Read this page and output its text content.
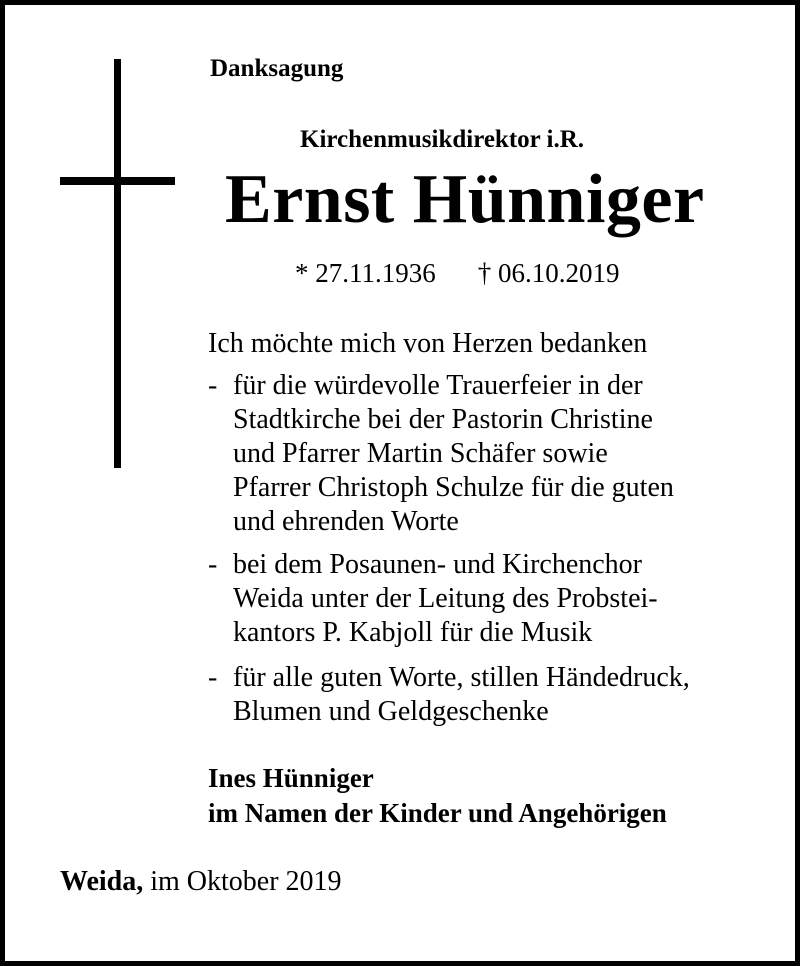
Danksagung
Kirchenmusikdirektor i.R.
Ernst Hünniger
* 27.11.1936 † 06.10.2019
Ich möchte mich von Herzen bedanken
- für die würdevolle Trauerfeier in der
Stadtkirche bei der Pastorin Christine
und Pfarrer Martin Schäfer sowie
Pfarrer Christoph Schulze für die guten
und ehrenden Worte
- bei dem Posaunen- und Kirchenchor
Weida unter der Leitung des Probstei-
kantors P. Kabjoll für die Musik
- für alle guten Worte, stillen Händedruck,
Blumen und Geldgeschenke
Ines Hünniger
im Namen der Kinder und Angehörigen
Weida, im Oktober 2019
